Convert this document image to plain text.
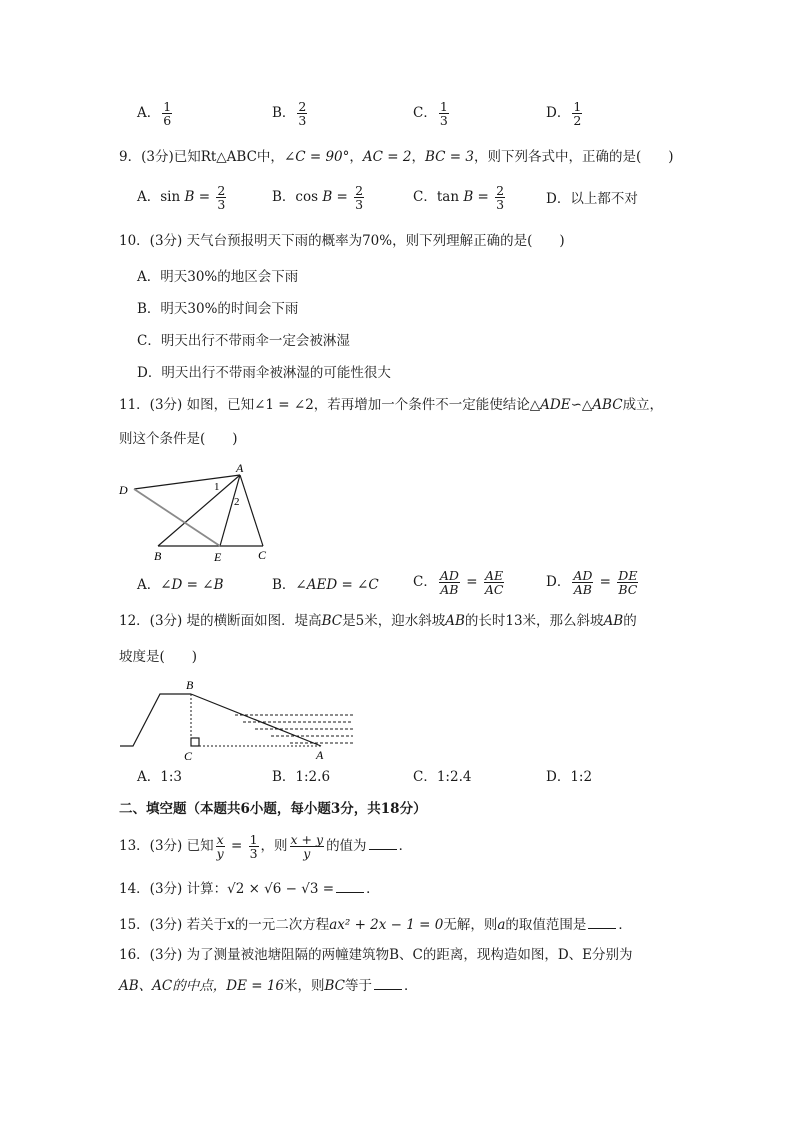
A． $\frac{1}{6}$	B． $\frac{2}{3}$	C． $\frac{1}{3}$	D． $\frac{1}{2}$
9．(3分)已知Rt△ABC中，∠C = 90°，AC = 2，BC = 3，则下列各式中，正确的是(　　)
A．$\sin B = \frac{2}{3}$	B．$\cos B = \frac{2}{3}$	C．$\tan B = \frac{2}{3}$	D．以上都不对
10．(3分) 天气台预报明天下雨的概率为70%，则下列理解正确的是(　　)
A．明天30%的地区会下雨
B．明天30%的时间会下雨
C．明天出行不带雨伞一定会被淋湿
D．明天出行不带雨伞被淋湿的可能性很大
11．(3分) 如图，已知∠1 = ∠2，若再增加一个条件不一定能使结论△ADE∽△ABC成立，
则这个条件是(　　)
A
D
B	E	C
1
2
A．∠D = ∠B	B．∠AED = ∠C	C． $\frac{AD}{AB} = \frac{AE}{AC}$	D． $\frac{AD}{AB} = \frac{DE}{BC}$
12．(3分) 堤的横断面如图．堤高BC是5米，迎水斜坡AB的长时13米，那么斜坡AB的
坡度是(　　)
B
C	A
A．1:3	B．1:2.6	C．1:2.4	D．1:2
二、填空题（本题共6小题，每小题3分，共18分）
13．(3分) 已知 $\frac{x}{y} = \frac{1}{3}$ ，则 $\frac{x + y}{y}$ 的值为 ．
14．(3分) 计算：√2 × √6 − √3 = ．
15．(3分) 若关于x的一元二次方程ax² + 2x − 1 = 0无解，则a的取值范围是 ．
16．(3分) 为了测量被池塘阻隔的两幢建筑物B、C的距离，现构造如图，D、E分别为
AB、AC的中点，DE = 16米，则BC等于 ．
